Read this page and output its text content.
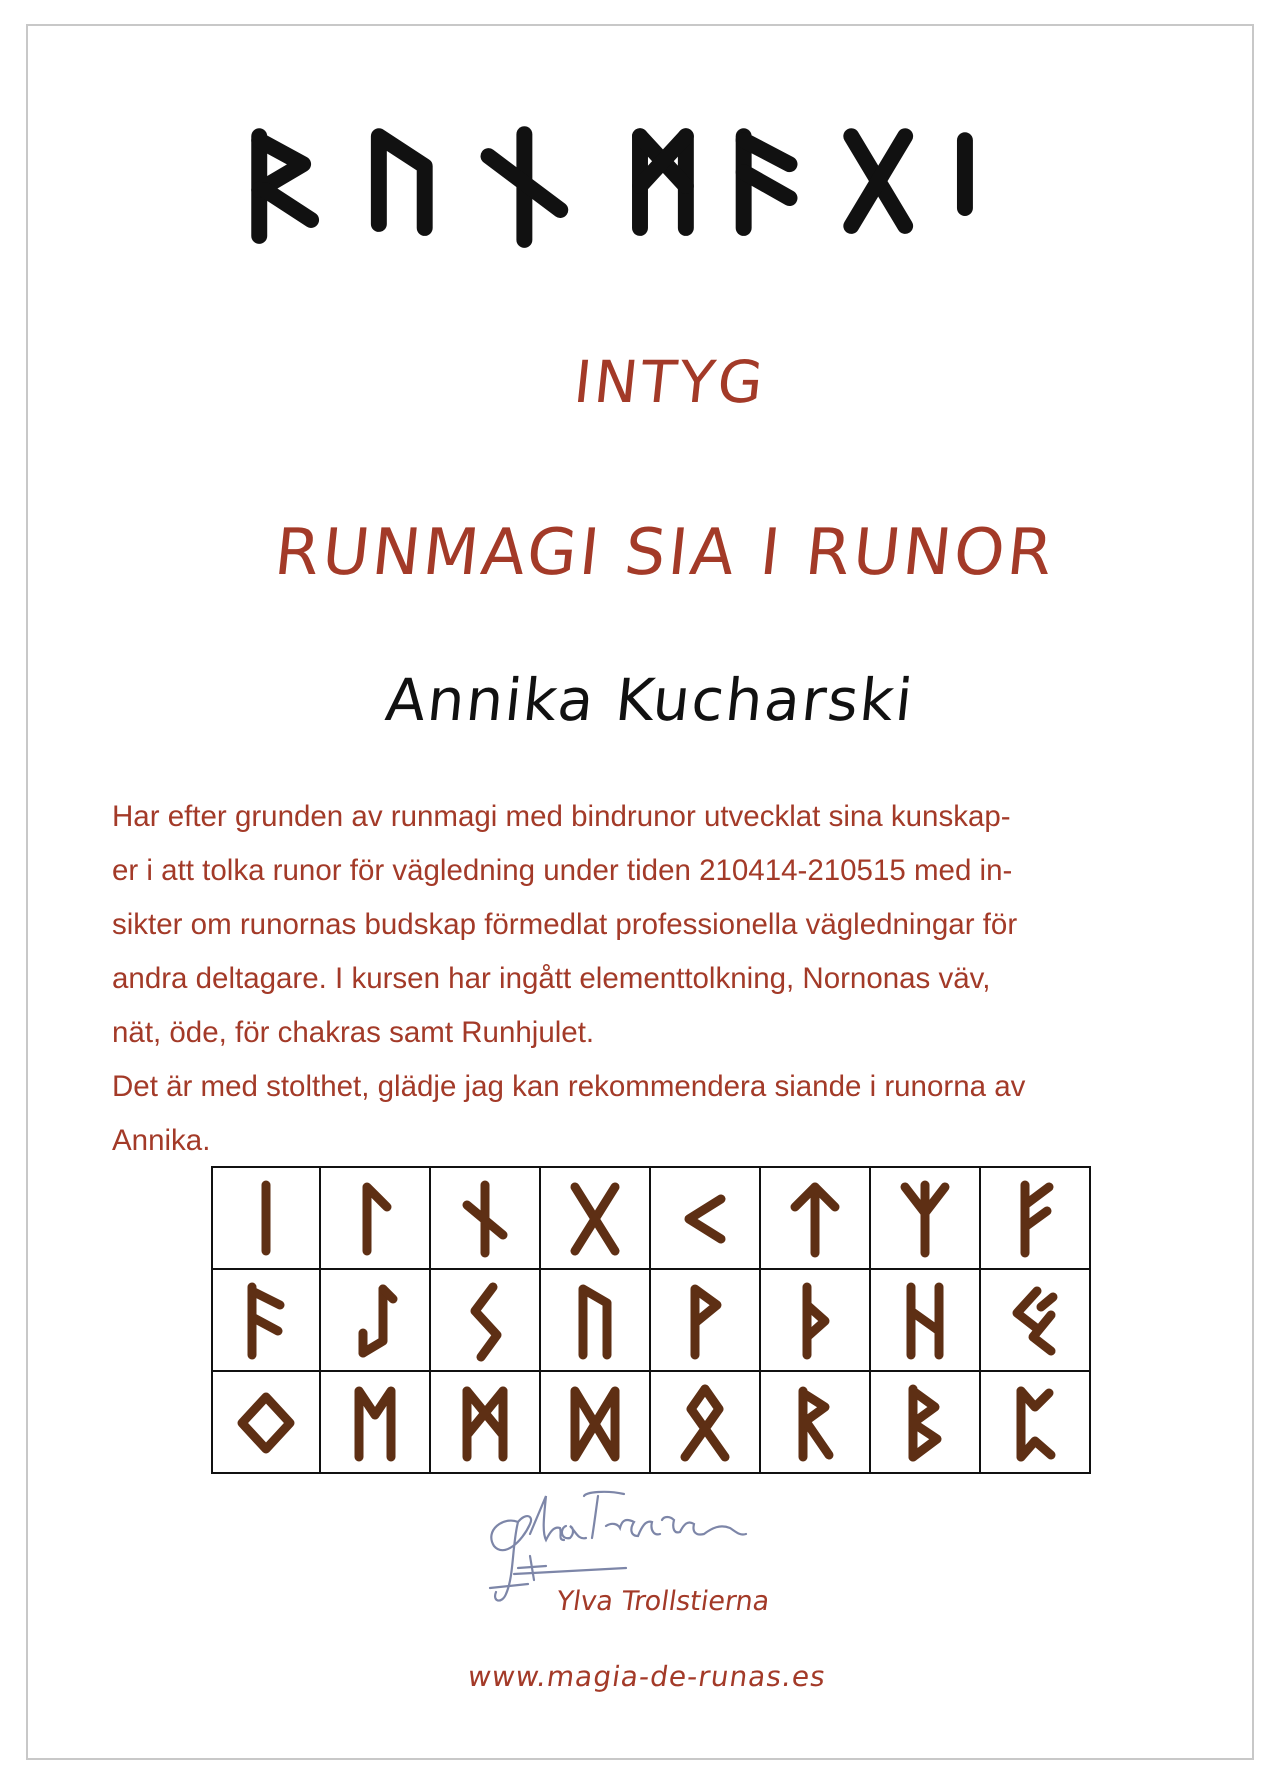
INTYG
RUNMAGI SIA I RUNOR
Annika Kucharski

Har efter grunden av runmagi med bindrunor utvecklat sina kunskap-

er i att tolka runor för vägledning under tiden 210414-210515 med in-

sikter om runornas budskap förmedlat professionella vägledningar för

andra deltagare. I kursen har ingått elementtolkning, Nornonas väv,

nät, öde, för chakras samt Runhjulet.

Det är med stolthet, glädje jag kan rekommendera siande i runorna av

Annika.

Ylva Trollstierna
www.magia-de-runas.es
